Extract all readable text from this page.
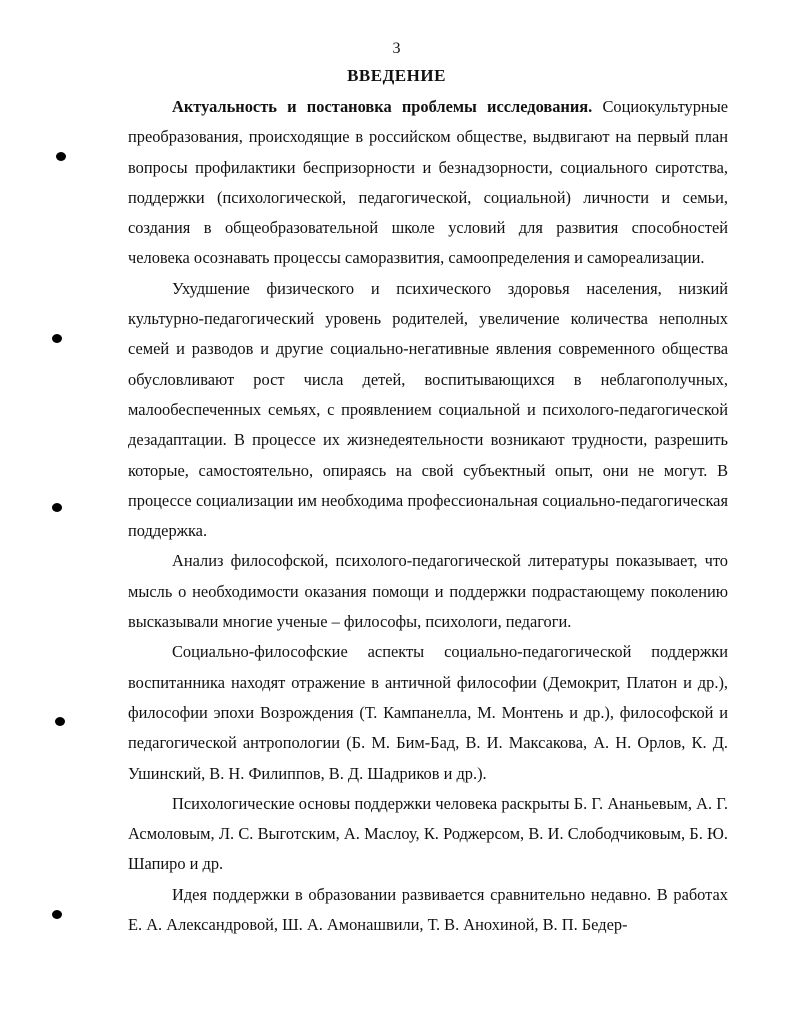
3
ВВЕДЕНИЕ

Актуальность и постановка проблемы исследования. Социокультурные преобразования, происходящие в российском обществе, выдвигают на первый план вопросы профилактики беспризорности и безнадзорности, социального сиротства, поддержки (психологической, педагогической, социальной) личности и семьи, создания в общеобразовательной школе условий для развития способностей человека осознавать процессы саморазвития, самоопределения и самореализации.

Ухудшение физического и психического здоровья населения, низкий культурно-педагогический уровень родителей, увеличение количества неполных семей и разводов и другие социально-негативные явления современного общества обусловливают рост числа детей, воспитывающихся в неблагополучных, малообеспеченных семьях, с проявлением социальной и психолого-педагогической дезадаптации. В процессе их жизнедеятельности возникают трудности, разрешить которые, самостоятельно, опираясь на свой субъектный опыт, они не могут. В процессе социализации им необходима профессиональная социально-педагогическая поддержка.

Анализ философской, психолого-педагогической литературы показывает, что мысль о необходимости оказания помощи и поддержки подрастающему поколению высказывали многие ученые – философы, психологи, педагоги.

Социально-философские аспекты социально-педагогической поддержки воспитанника находят отражение в античной философии (Демокрит, Платон и др.), философии эпохи Возрождения (Т. Кампанелла, М. Монтень и др.), философской и педагогической антропологии (Б. М. Бим-Бад, В. И. Максакова, А. Н. Орлов, К. Д. Ушинский, В. Н. Филиппов, В. Д. Шадриков и др.).

Психологические основы поддержки человека раскрыты Б. Г. Ананьевым, А. Г. Асмоловым, Л. С. Выготским, А. Маслоу, К. Роджерсом, В. И. Слободчиковым, Б. Ю. Шапиро и др.

Идея поддержки в образовании развивается сравнительно недавно. В работах Е. А. Александровой, Ш. А. Амонашвили, Т. В. Анохиной, В. П. Бедер-
